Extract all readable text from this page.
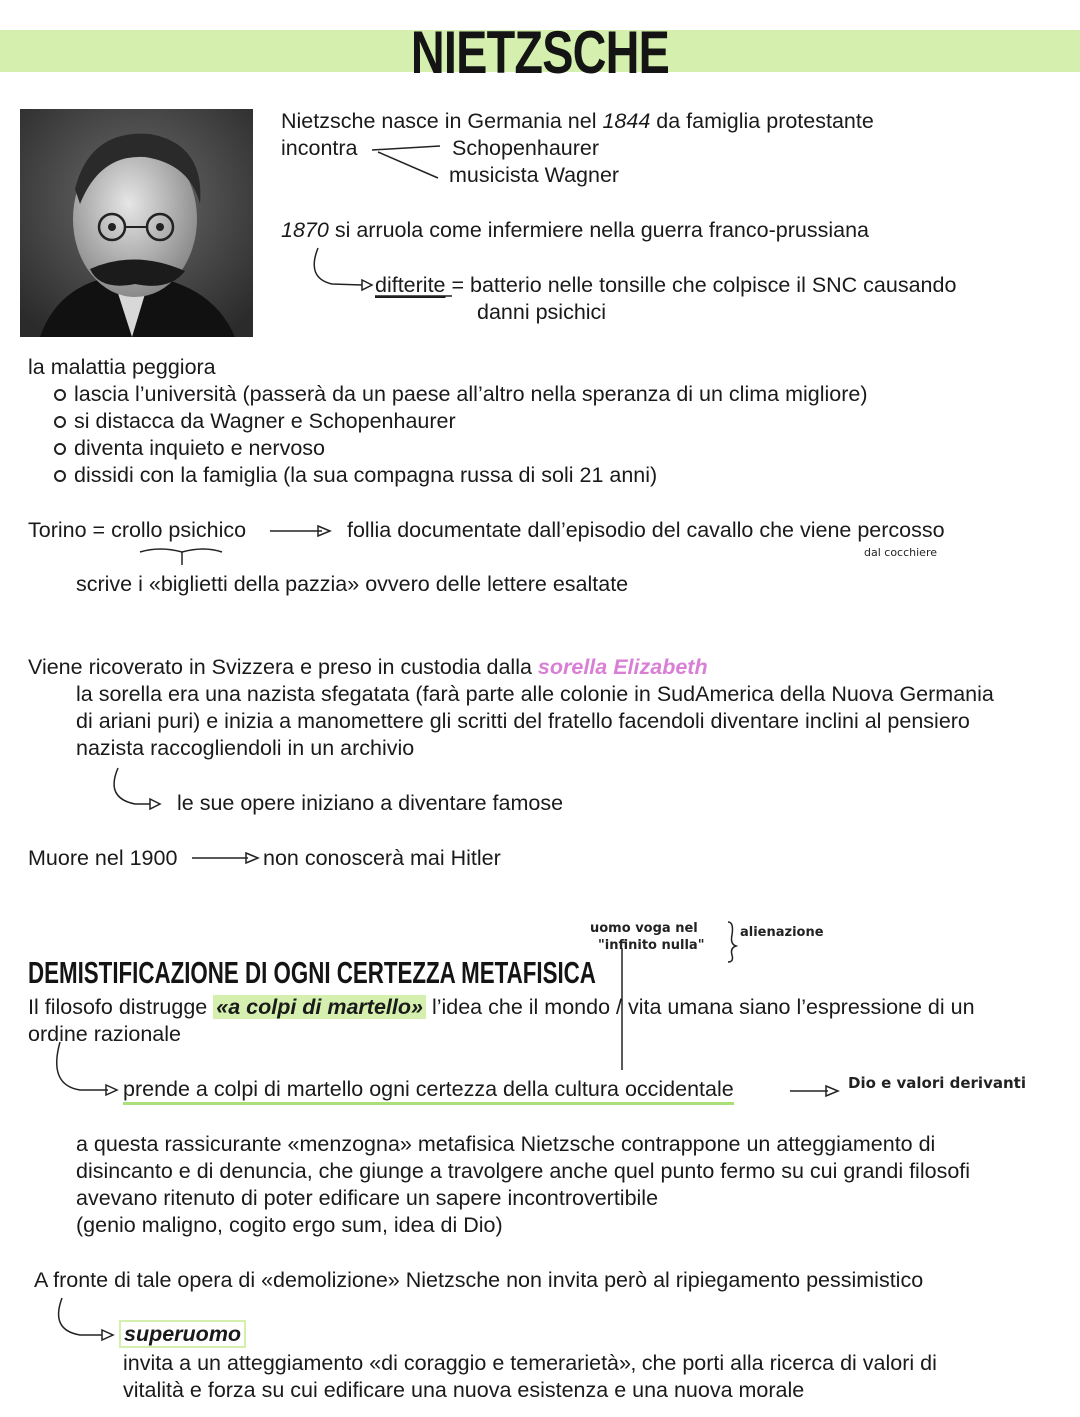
NIETZSCHE
Nietzsche nasce in Germania nel 1844 da famiglia protestante
incontra	Schopenhaurer
musicista Wagner
1870 si arruola come infermiere nella guerra franco-prussiana
difterite = batterio nelle tonsille che colpisce il SNC causando
danni psichici
la malattia peggiora
lascia l’università (passerà da un paese all’altro nella speranza di un clima migliore)
si distacca da Wagner e Schopenhaurer
diventa inquieto e nervoso
dissidi con la famiglia (la sua compagna russa di soli 21 anni)
Torino = crollo psichico	follia documentate dall’episodio del cavallo che viene percosso
dal cocchiere
scrive i «biglietti della pazzia» ovvero delle lettere esaltate
Viene ricoverato in Svizzera e preso in custodia dalla sorella Elizabeth
la sorella era una nazista sfegatata (farà parte alle colonie in SudAmerica della Nuova Germania
di ariani puri) e inizia a manomettere gli scritti del fratello facendoli diventare inclini al pensiero
nazista raccogliendoli in un archivio
le sue opere iniziano a diventare famose
Muore nel 1900	non conoscerà mai Hitler
uomo voga nel
"infinito nulla"
alienazione
DEMISTIFICAZIONE DI OGNI CERTEZZA METAFISICA
Il filosofo distrugge «a colpi di martello» l’idea che il mondo / vita umana siano l’espressione di un
ordine razionale
prende a colpi di martello ogni certezza della cultura occidentale	Dio e valori derivanti
a questa rassicurante «menzogna» metafisica Nietzsche contrappone un atteggiamento di
disincanto e di denuncia, che giunge a travolgere anche quel punto fermo su cui grandi filosofi
avevano ritenuto di poter edificare un sapere incontrovertibile
(genio maligno, cogito ergo sum, idea di Dio)
A fronte di tale opera di «demolizione» Nietzsche non invita però al ripiegamento pessimistico
superuomo
invita a un atteggiamento «di coraggio e temerarietà»‚ che porti alla ricerca di valori di
vitalità e forza su cui edificare una nuova esistenza e una nuova morale
